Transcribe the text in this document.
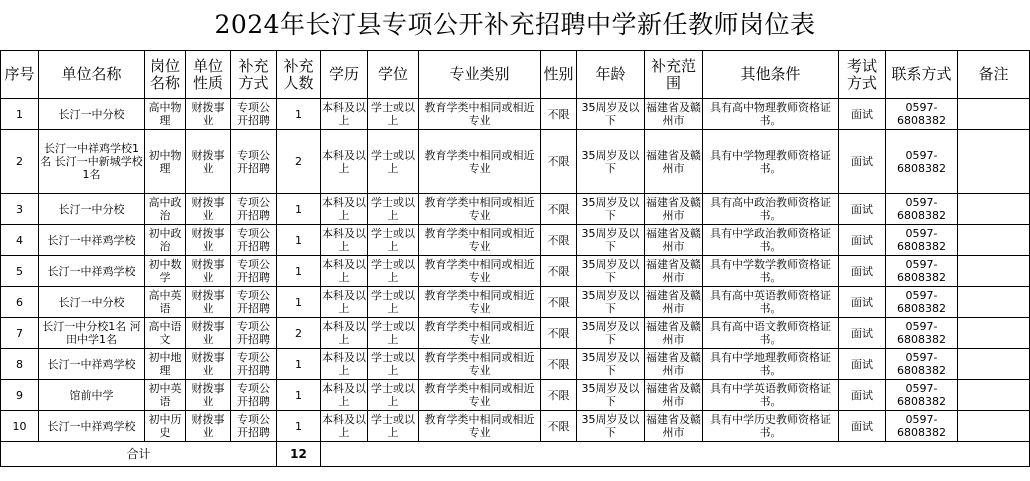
2024年长汀县专项公开补充招聘中学新任教师岗位表
序号	单位名称	岗位名称	单位性质	补充方式	补充人数	学历	学位	专业类别	性别	年龄	补充范围	其他条件	考试方式	联系方式	备注
1	长汀一中分校	高中物理	财拨事业	专项公开招聘	1	本科及以上	学士或以上	教育学类中相同或相近专业	不限	35周岁及以下	福建省及赣州市	具有高中物理教师资格证书。	面试	0597-6808382	
2	长汀一中祥鸡学校1名 长汀一中新城学校1名	初中物理	财拨事业	专项公开招聘	2	本科及以上	学士或以上	教育学类中相同或相近专业	不限	35周岁及以下	福建省及赣州市	具有中学物理教师资格证书。	面试	0597-6808382	
3	长汀一中分校	高中政治	财拨事业	专项公开招聘	1	本科及以上	学士或以上	教育学类中相同或相近专业	不限	35周岁及以下	福建省及赣州市	具有高中政治教师资格证书。	面试	0597-6808382	
4	长汀一中祥鸡学校	初中政治	财拨事业	专项公开招聘	1	本科及以上	学士或以上	教育学类中相同或相近专业	不限	35周岁及以下	福建省及赣州市	具有中学政治教师资格证书。	面试	0597-6808382	
5	长汀一中祥鸡学校	初中数学	财拨事业	专项公开招聘	1	本科及以上	学士或以上	教育学类中相同或相近专业	不限	35周岁及以下	福建省及赣州市	具有中学数学教师资格证书。	面试	0597-6808382	
6	长汀一中分校	高中英语	财拨事业	专项公开招聘	1	本科及以上	学士或以上	教育学类中相同或相近专业	不限	35周岁及以下	福建省及赣州市	具有高中英语教师资格证书。	面试	0597-6808382	
7	长汀一中分校1名 河田中学1名	高中语文	财拨事业	专项公开招聘	2	本科及以上	学士或以上	教育学类中相同或相近专业	不限	35周岁及以下	福建省及赣州市	具有高中语文教师资格证书。	面试	0597-6808382	
8	长汀一中祥鸡学校	初中地理	财拨事业	专项公开招聘	1	本科及以上	学士或以上	教育学类中相同或相近专业	不限	35周岁及以下	福建省及赣州市	具有中学地理教师资格证书。	面试	0597-6808382	
9	馆前中学	初中英语	财拨事业	专项公开招聘	1	本科及以上	学士或以上	教育学类中相同或相近专业	不限	35周岁及以下	福建省及赣州市	具有中学英语教师资格证书。	面试	0597-6808382	
10	长汀一中祥鸡学校	初中历史	财拨事业	专项公开招聘	1	本科及以上	学士或以上	教育学类中相同或相近专业	不限	35周岁及以下	福建省及赣州市	具有中学历史教师资格证书。	面试	0597-6808382	
合计					12										
